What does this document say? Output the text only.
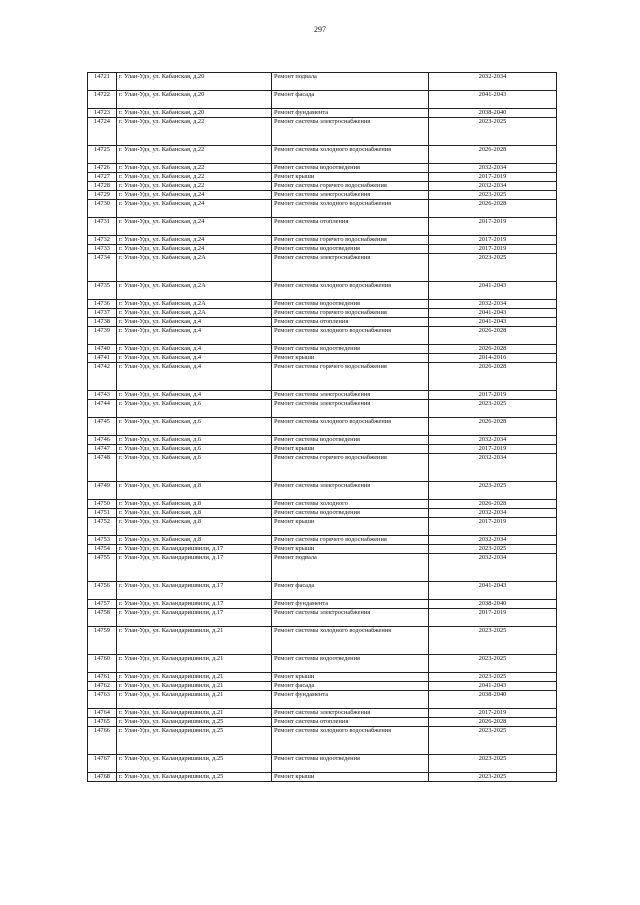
297
14721	г. Улан-Удэ, ул. Кабанская, д.20	Ремонт подвала	2032-2034
14722	г. Улан-Удэ, ул. Кабанская, д.20	Ремонт фасада	2041-2043
14723	г. Улан-Удэ, ул. Кабанская, д.20	Ремонт фундамента	2038-2040
14724	г. Улан-Удэ, ул. Кабанская, д.22	Ремонт системы электроснабжения	2023-2025
14725	г. Улан-Удэ, ул. Кабанская, д.22	Ремонт системы холодного водоснабжения	2026-2028
14726	г. Улан-Удэ, ул. Кабанская, д.22	Ремонт системы водоотведения	2032-2034
14727	г. Улан-Удэ, ул. Кабанская, д.22	Ремонт крыши	2017-2019
14728	г. Улан-Удэ, ул. Кабанская, д.22	Ремонт системы горячего водоснабжения	2032-2034
14729	г. Улан-Удэ, ул. Кабанская, д.24	Ремонт системы электроснабжения	2023-2025
14730	г. Улан-Удэ, ул. Кабанская, д.24	Ремонт системы холодного водоснабжения	2026-2028
14731	г. Улан-Удэ, ул. Кабанская, д.24	Ремонт системы отопления	2017-2019
14732	г. Улан-Удэ, ул. Кабанская, д.24	Ремонт системы горячего водоснабжения	2017-2019
14733	г. Улан-Удэ, ул. Кабанская, д.24	Ремонт системы водоотведения	2017-2019
14734	г. Улан-Удэ, ул. Кабанская, д.2А	Ремонт системы электроснабжения	2023-2025
14735	г. Улан-Удэ, ул. Кабанская, д.2А	Ремонт системы холодного водоснабжения	2041-2043
14736	г. Улан-Удэ, ул. Кабанская, д.2А	Ремонт системы водоотведения	2032-2034
14737	г. Улан-Удэ, ул. Кабанская, д.2А	Ремонт системы горячего водоснабжения	2041-2043
14738	г. Улан-Удэ, ул. Кабанская, д.4	Ремонт системы отопления	2041-2043
14739	г. Улан-Удэ, ул. Кабанская, д.4	Ремонт системы холодного водоснабжения	2026-2028
14740	г. Улан-Удэ, ул. Кабанская, д.4	Ремонт системы водоотведения	2026-2028
14741	г. Улан-Удэ, ул. Кабанская, д.4	Ремонт крыши	2014-2016
14742	г. Улан-Удэ, ул. Кабанская, д.4	Ремонт системы горячего водоснабжения	2026-2028
14743	г. Улан-Удэ, ул. Кабанская, д.4	Ремонт системы электроснабжения	2017-2019
14744	г. Улан-Удэ, ул. Кабанская, д.6	Ремонт системы электроснабжения	2023-2025
14745	г. Улан-Удэ, ул. Кабанская, д.6	Ремонт системы холодного водоснабжения	2026-2028
14746	г. Улан-Удэ, ул. Кабанская, д.6	Ремонт системы водоотведения	2032-2034
14747	г. Улан-Удэ, ул. Кабанская, д.6	Ремонт крыши	2017-2019
14748	г. Улан-Удэ, ул. Кабанская, д.6	Ремонт системы горячего водоснабжения	2032-2034
14749	г. Улан-Удэ, ул. Кабанская, д.8	Ремонт системы электроснабжения	2023-2025
14750	г. Улан-Удэ, ул. Кабанская, д.8	Ремонт системы холодного	2026-2028
14751	г. Улан-Удэ, ул. Кабанская, д.8	Ремонт системы водоотведения	2032-2034
14752	г. Улан-Удэ, ул. Кабанская, д.8	Ремонт крыши	2017-2019
14753	г. Улан-Удэ, ул. Кабанская, д.8	Ремонт системы горячего водоснабжения	2032-2034
14754	г. Улан-Удэ, ул. Каландаришвили, д.17	Ремонт крыши	2023-2025
14755	г. Улан-Удэ, ул. Каландаришвили, д.17	Ремонт подвала	2032-2034
14756	г. Улан-Удэ, ул. Каландаришвили, д.17	Ремонт фасада	2041-2043
14757	г. Улан-Удэ, ул. Каландаришвили, д.17	Ремонт фундамента	2038-2040
14758	г. Улан-Удэ, ул. Каландаришвили, д.17	Ремонт системы электроснабжения	2017-2019
14759	г. Улан-Удэ, ул. Каландаришвили, д.21	Ремонт системы холодного водоснабжения	2023-2025
14760	г. Улан-Удэ, ул. Каландаришвили, д.21	Ремонт системы водоотведения	2023-2025
14761	г. Улан-Удэ, ул. Каландаришвили, д.21	Ремонт крыши	2023-2025
14762	г. Улан-Удэ, ул. Каландаришвили, д.21	Ремонт фасада	2041-2043
14763	г. Улан-Удэ, ул. Каландаришвили, д.21	Ремонт фундамента	2038-2040
14764	г. Улан-Удэ, ул. Каландаришвили, д.21	Ремонт системы электроснабжения	2017-2019
14765	г. Улан-Удэ, ул. Каландаришвили, д.25	Ремонт системы отопления	2026-2028
14766	г. Улан-Удэ, ул. Каландаришвили, д.25	Ремонт системы холодного водоснабжения	2023-2025
14767	г. Улан-Удэ, ул. Каландаришвили, д.25	Ремонт системы водоотведения	2023-2025
14768	г. Улан-Удэ, ул. Каландаришвили, д.25	Ремонт крыши	2023-2025
